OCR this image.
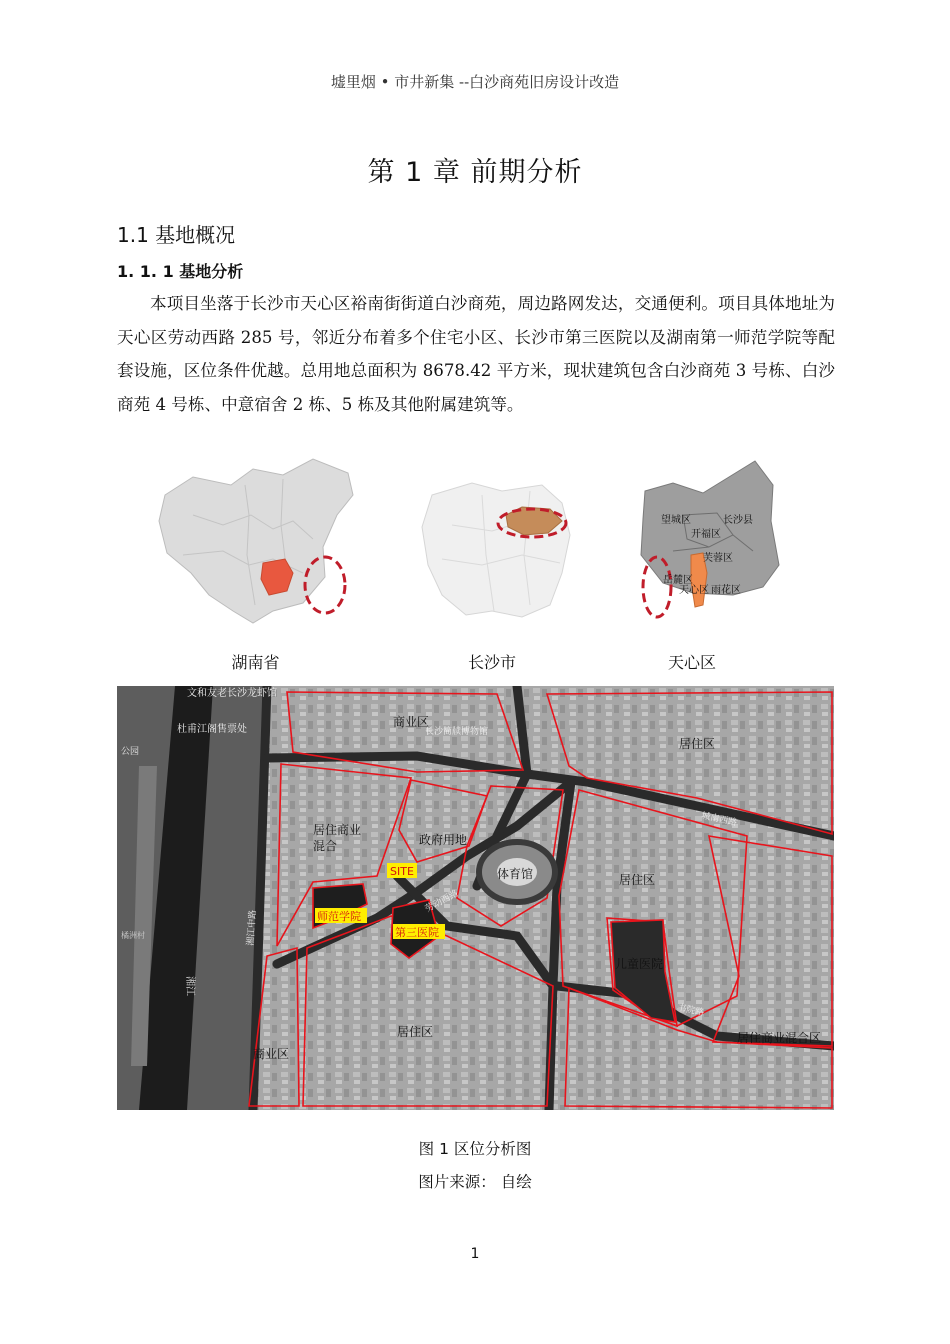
墟里烟 • 市井新集 --白沙商苑旧房设计改造
第 1 章 前期分析
1.1 基地概况
1. 1. 1 基地分析

本项目坐落于长沙市天心区裕南街街道白沙商苑，周边路网发达，交通便利。项目具体地址为天心区劳动西路 285 号，邻近分布着多个住宅小区、长沙市第三医院以及湖南第一师范学院等配套设施，区位条件优越。总用地总面积为 8678.42 平方米，现状建筑包含白沙商苑 3 号栋、白沙商苑 4 号栋、中意宿舍 2 栋、5 栋及其他附属建筑等。

湖南省	长沙市
望城区	长沙县
开福区
芙蓉区
岳麓区
天心区 雨花区
天心区
文和友老长沙龙虾馆
杜甫江阁售票处
公园
湘江
湘江中路
劳动西路
长沙简牍博物馆
城南西路
书院路
橘洲村
商业区
居住区
居住商业混合	政府用地
体育馆	居住区
儿童医院
居住区
商业区
居住商业混合区
SITE
师范学院
第三医院
图 1 区位分析图
图片来源： 自绘
1
